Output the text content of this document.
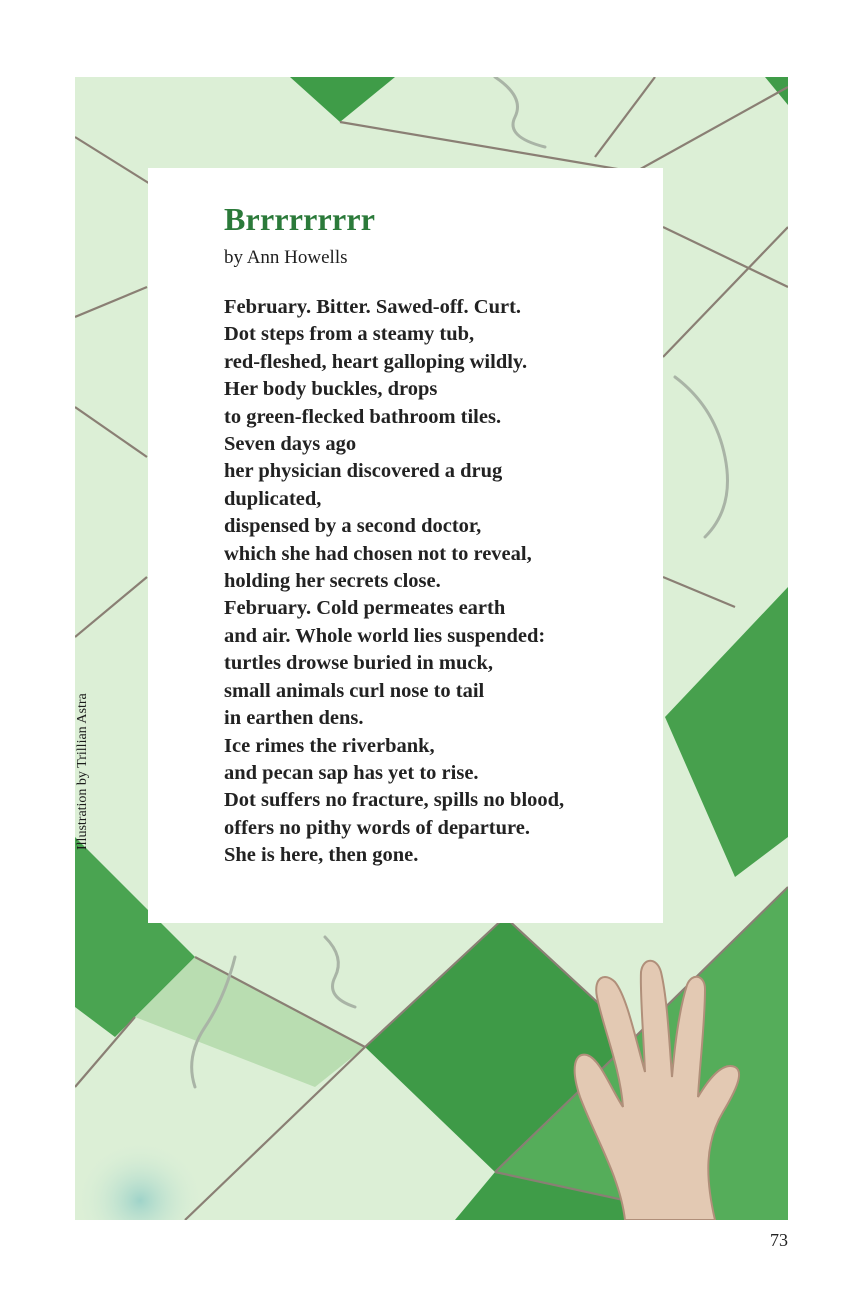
Brrrrrrrrr

by Ann Howells

February. Bitter. Sawed-off. Curt.
Dot steps from a steamy tub,
red-fleshed, heart galloping wildly.
Her body buckles, drops
to green-flecked bathroom tiles.
Seven days ago
her physician discovered a drug
duplicated,
dispensed by a second doctor,
which she had chosen not to reveal,
holding her secrets close.
February. Cold permeates earth
and air. Whole world lies suspended:
turtles drowse buried in muck,
small animals curl nose to tail
in earthen dens.
Ice rimes the riverbank,
and pecan sap has yet to rise.
Dot suffers no fracture, spills no blood,
offers no pithy words of departure.
She is here, then gone.
Illustration by Trillian Astra
73
